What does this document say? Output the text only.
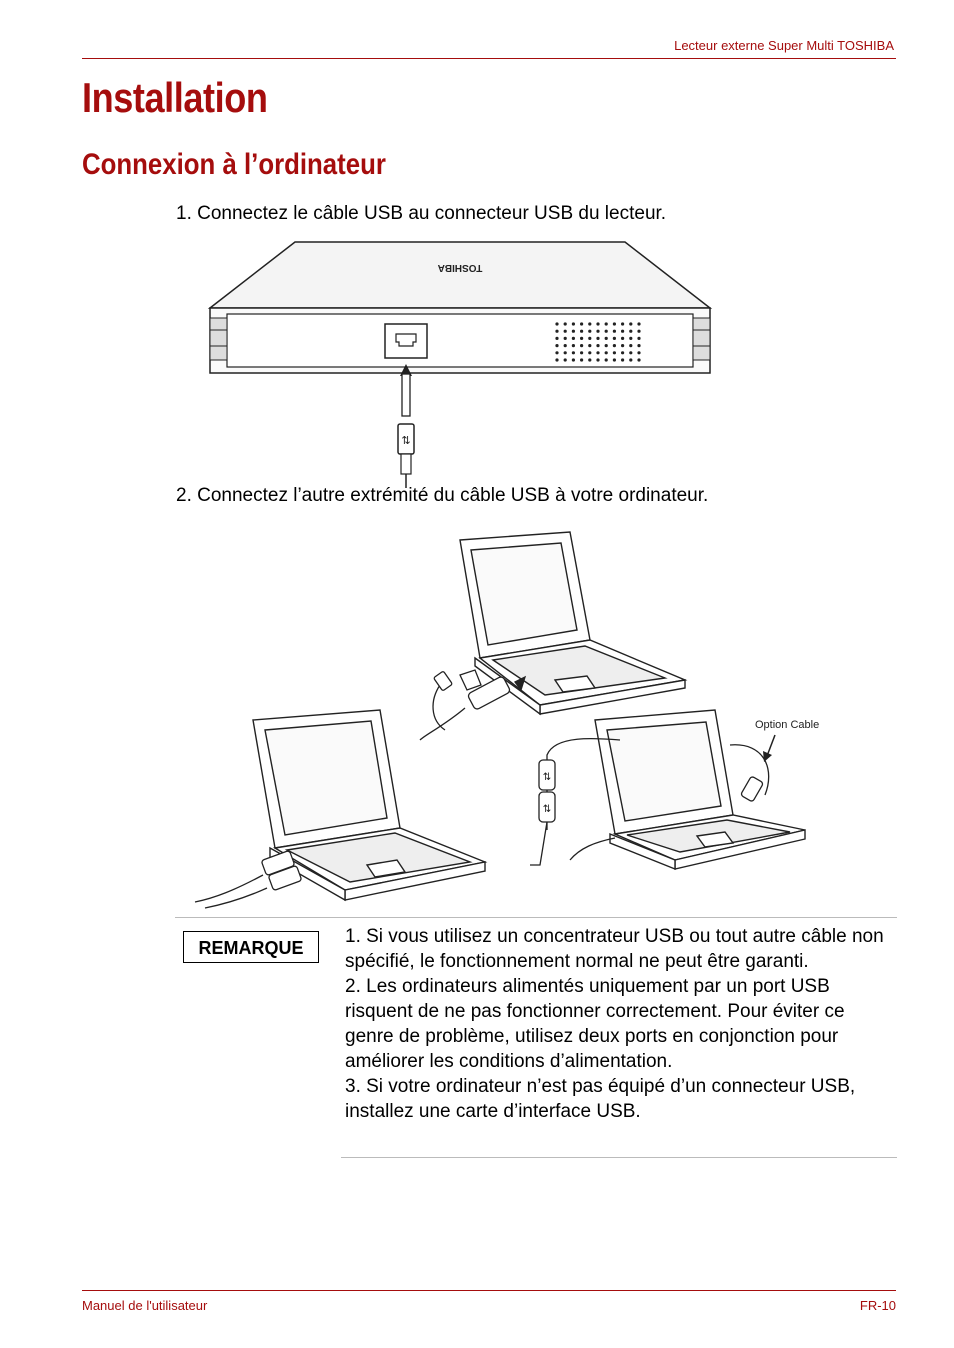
Lecteur externe Super Multi TOSHIBA
Installation
Connexion à l’ordinateur
1. Connectez le câble USB au connecteur USB du lecteur.
TOSHIBA
⇅
2. Connectez l’autre extrémité du câble USB à votre ordinateur.
⇅
⇅
Option Cable
REMARQUE

1. Si vous utilisez un concentrateur USB ou tout autre câble non spécifié, le fonctionnement normal ne peut être garanti.

2. Les ordinateurs alimentés uniquement par un port USB risquent de ne pas fonctionner correctement. Pour éviter ce genre de problème, utilisez deux ports en conjonction pour améliorer les conditions d’alimentation.

3. Si votre ordinateur n’est pas équipé d’un connecteur USB, installez une carte d’interface USB.

Manuel de l'utilisateur	FR-10
